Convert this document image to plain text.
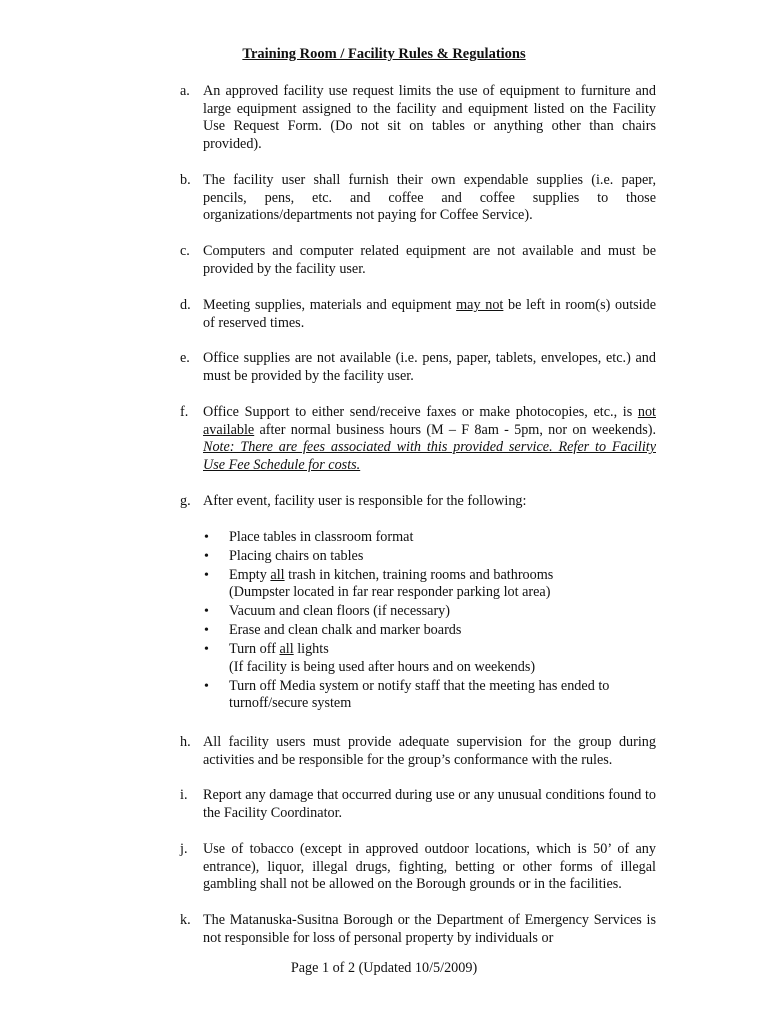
Training Room / Facility Rules & Regulations
a. An approved facility use request limits the use of equipment to furniture and large equipment assigned to the facility and equipment listed on the Facility Use Request Form. (Do not sit on tables or anything other than chairs provided).
b. The facility user shall furnish their own expendable supplies (i.e. paper, pencils, pens, etc. and coffee and coffee supplies to those organizations/departments not paying for Coffee Service).
c. Computers and computer related equipment are not available and must be provided by the facility user.
d. Meeting supplies, materials and equipment may not be left in room(s) outside of reserved times.
e. Office supplies are not available (i.e. pens, paper, tablets, envelopes, etc.) and must be provided by the facility user.
f.	Office Support to either send/receive faxes or make photocopies, etc., is not available after normal business hours (M – F 8am - 5pm, nor on weekends). Note: There are fees associated with this provided service. Refer to Facility Use Fee Schedule for costs.
g. After event, facility user is responsible for the following:
• Place tables in classroom format
• Placing chairs on tables
• Empty all trash in kitchen, training rooms and bathrooms
(Dumpster located in far rear responder parking lot area)
• Vacuum and clean floors (if necessary)
• Erase and clean chalk and marker boards
• Turn off all lights
(If facility is being used after hours and on weekends)
• Turn off Media system or notify staff that the meeting has ended to turnoff/secure system
h. All facility users must provide adequate supervision for the group during activities and be responsible for the group’s conformance with the rules.
i.	Report any damage that occurred during use or any unusual conditions found to the Facility Coordinator.
j.	Use of tobacco (except in approved outdoor locations, which is 50’ of any entrance), liquor, illegal drugs, fighting, betting or other forms of illegal gambling shall not be allowed on the Borough grounds or in the facilities.
k. The Matanuska-Susitna Borough or the Department of Emergency Services is not responsible for loss of personal property by individuals or
Page 1 of 2 (Updated 10/5/2009)
